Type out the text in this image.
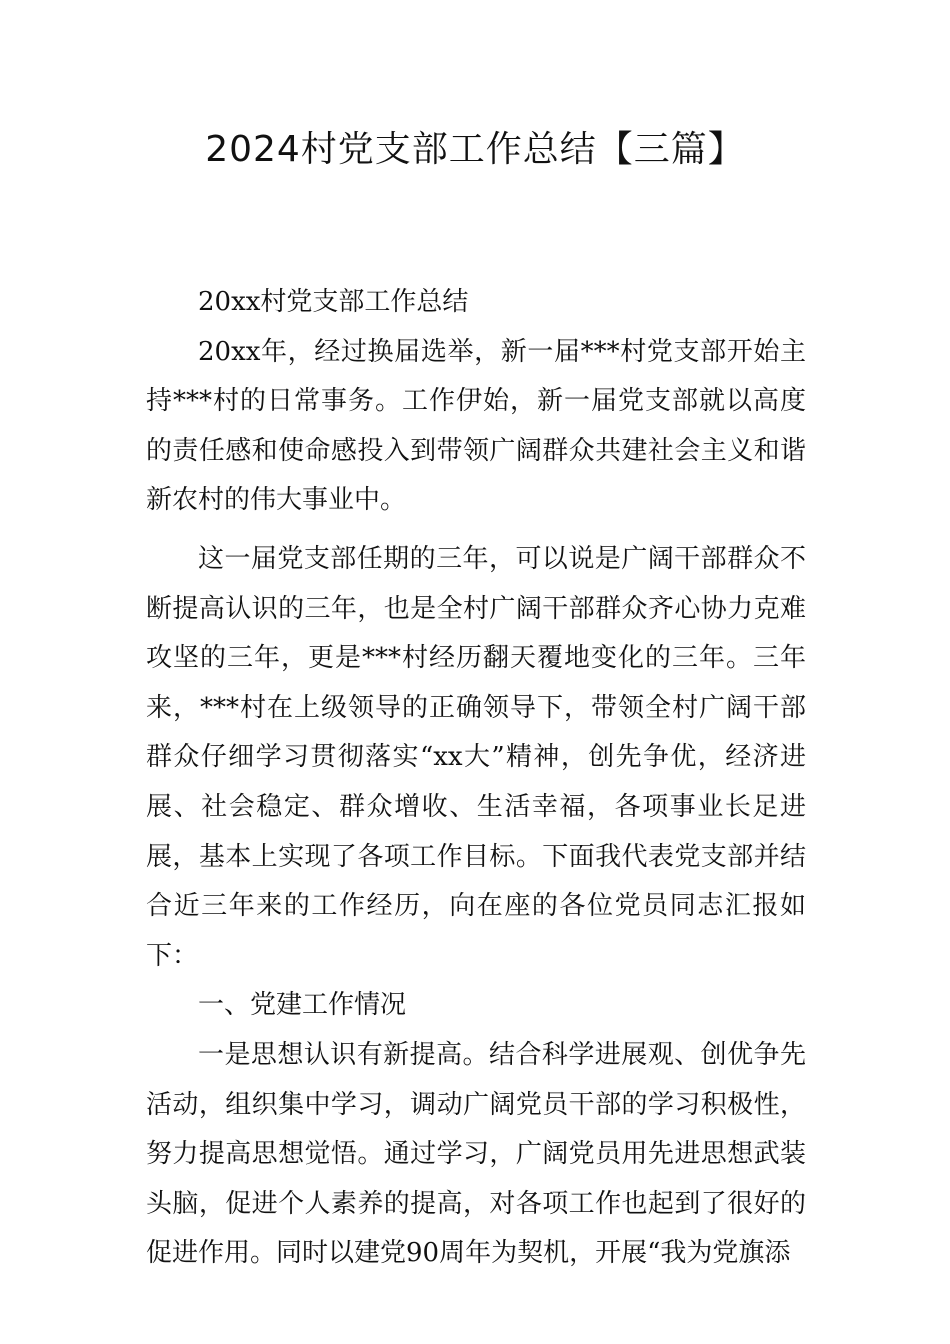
2024村党支部工作总结【三篇】

20xx村党支部工作总结

20xx年，经过换届选举，新一届***村党支部开始主持***村的日常事务。工作伊始，新一届党支部就以高度的责任感和使命感投入到带领广阔群众共建社会主义和谐新农村的伟大事业中。

这一届党支部任期的三年，可以说是广阔干部群众不断提高认识的三年，也是全村广阔干部群众齐心协力克难攻坚的三年，更是***村经历翻天覆地变化的三年。三年来，***村在上级领导的正确领导下，带领全村广阔干部群众仔细学习贯彻落实“xx大”精神，创先争优，经济进展、社会稳定、群众增收、生活幸福，各项事业长足进展，基本上实现了各项工作目标。下面我代表党支部并结合近三年来的工作经历，向在座的各位党员同志汇报如下：

一、党建工作情况

一是思想认识有新提高。结合科学进展观、创优争先活动，组织集中学习，调动广阔党员干部的学习积极性，努力提高思想觉悟。通过学习，广阔党员用先进思想武装头脑，促进个人素养的提高，对各项工作也起到了很好的促进作用。同时以建党90周年为契机，开展“我为党旗添
